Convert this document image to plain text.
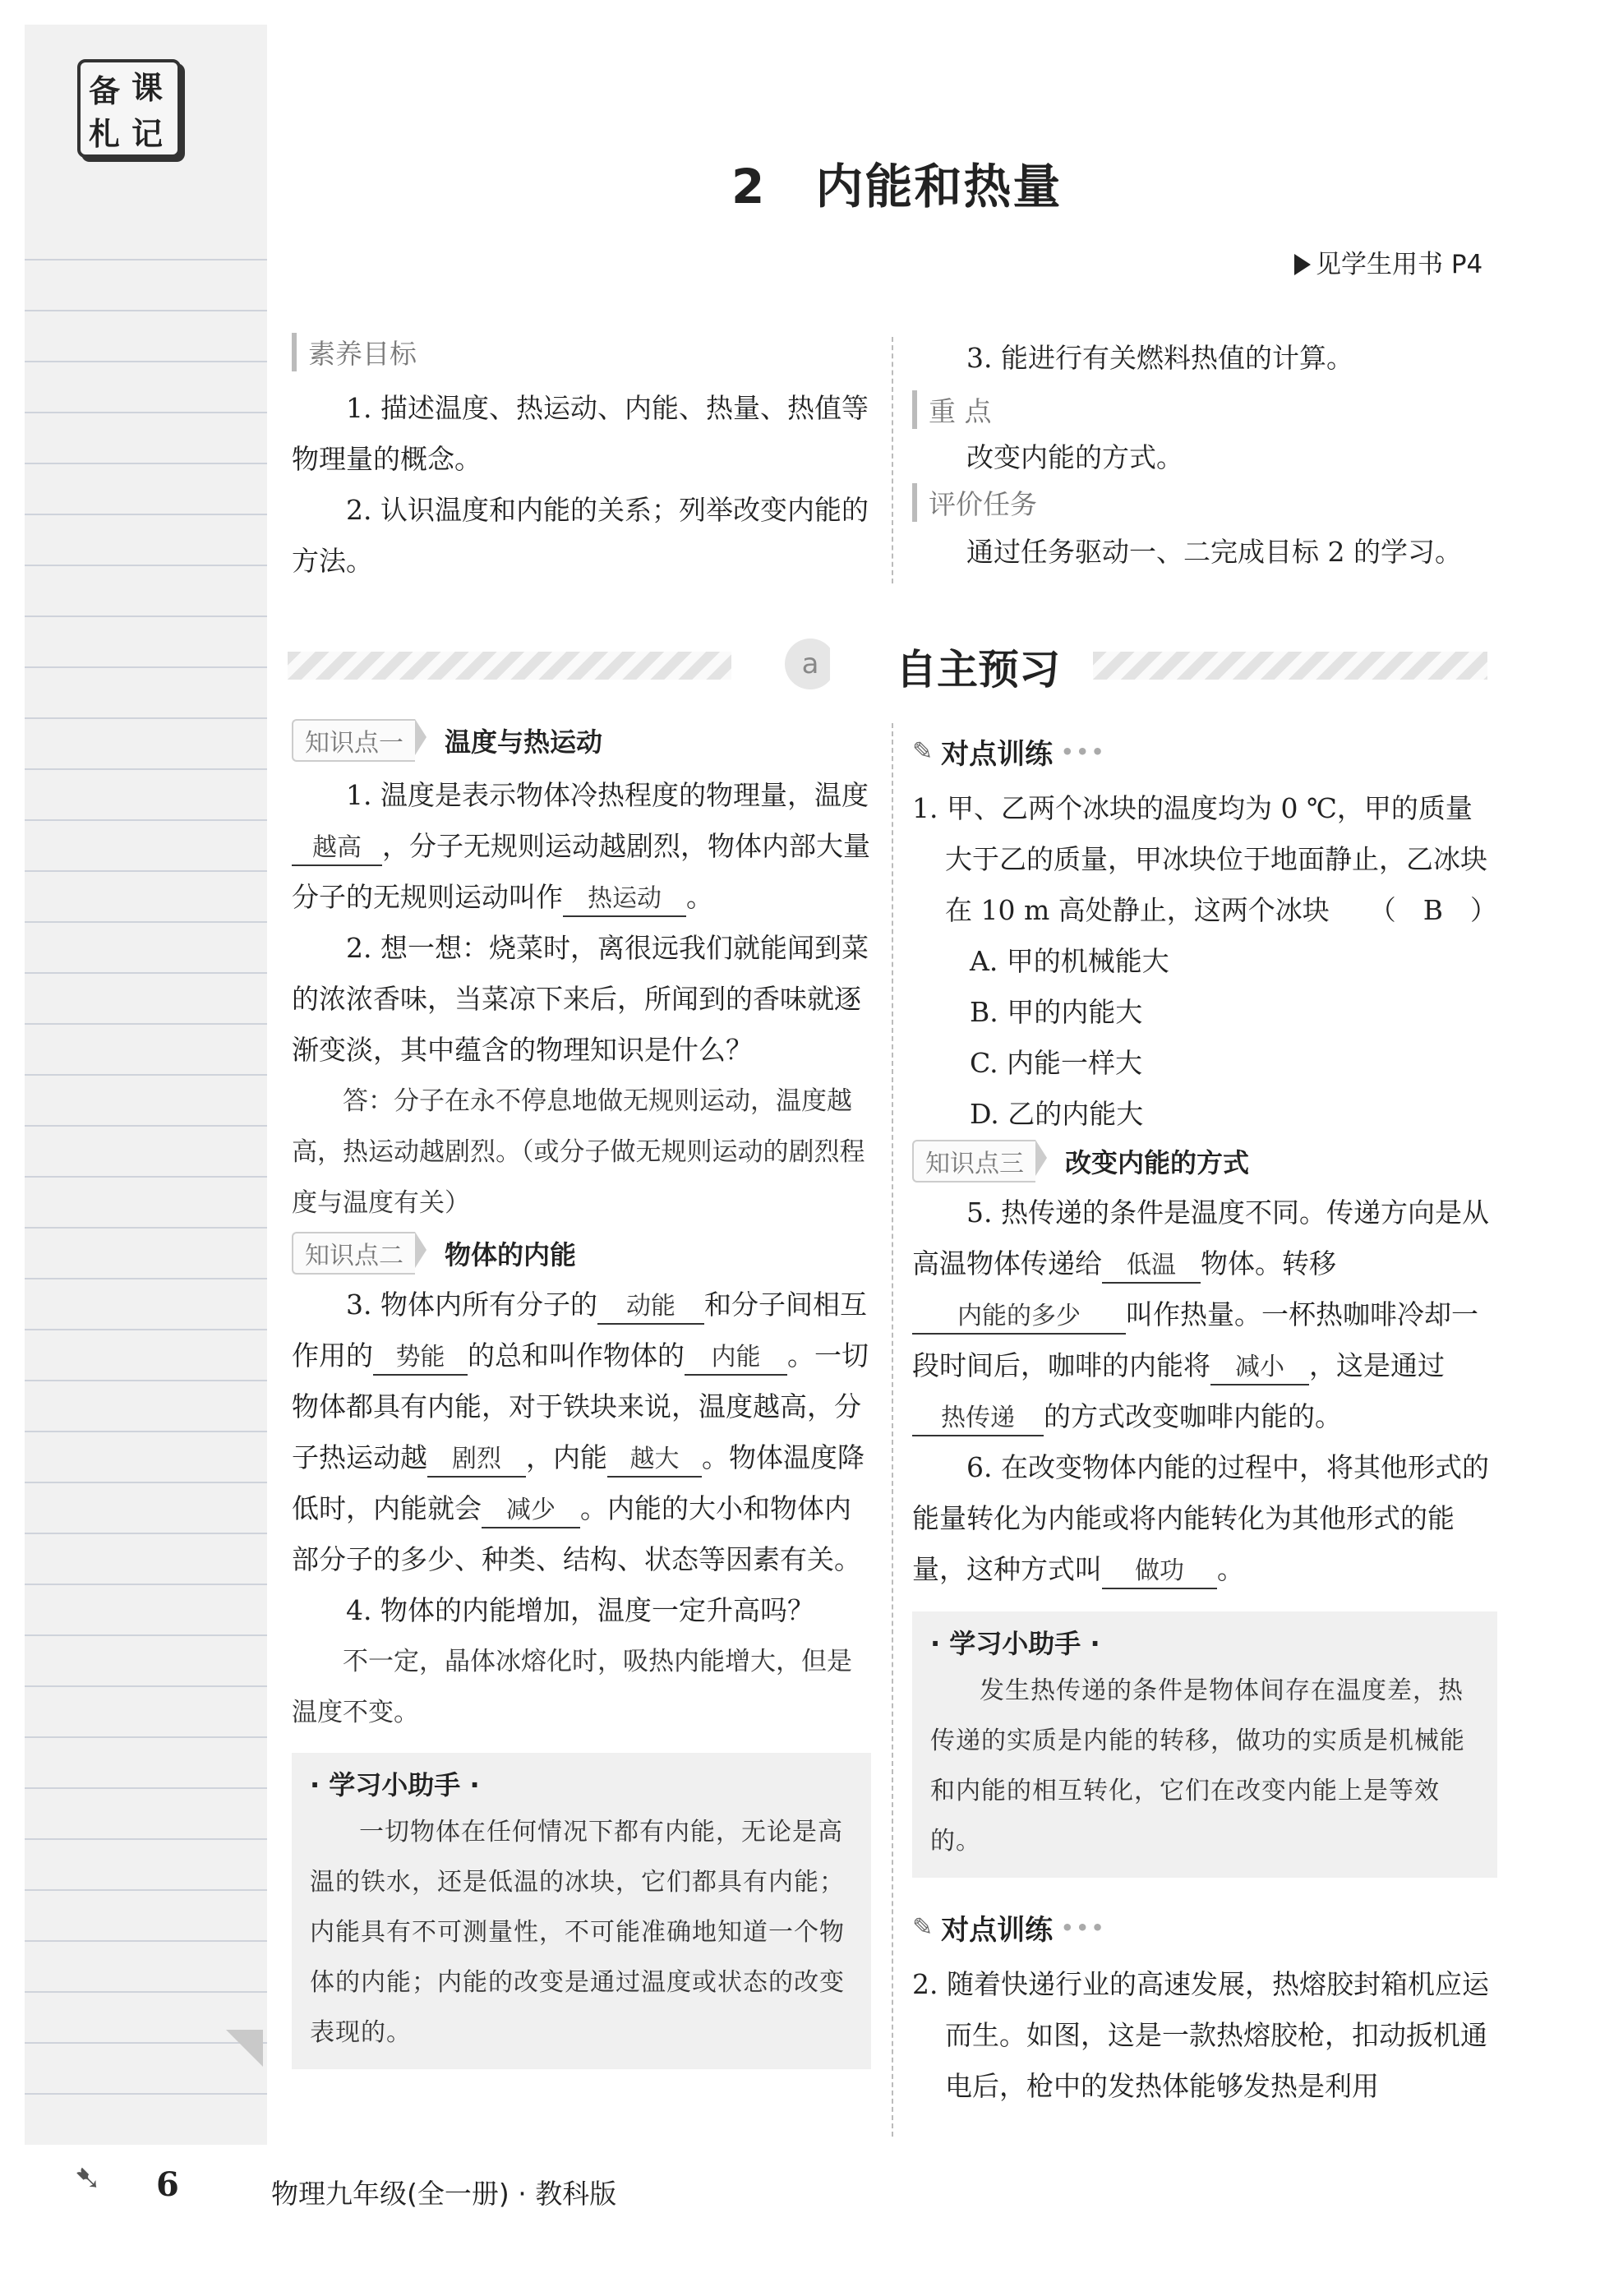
备 课
札 记
2　内能和热量
见学生用书 P4
素养目标

1. 描述温度、热运动、内能、热量、热值等物理量的概念。

2. 认识温度和内能的关系；列举改变内能的方法。

3. 能进行有关燃料热值的计算。

重 点

改变内能的方式。

评价任务

通过任务驱动一、二完成目标 2 的学习。

a	自主预习
知识点一	温度与热运动

1. 温度是表示物体冷热程度的物理量，温度越高 ，分子无规则运动越剧烈，物体内部大量分子的无规则运动叫作 热运动 。

2. 想一想：烧菜时，离很远我们就能闻到菜的浓浓香味，当菜凉下来后，所闻到的香味就逐渐变淡，其中蕴含的物理知识是什么？

答：分子在永不停息地做无规则运动，温度越高，热运动越剧烈。（或分子做无规则运动的剧烈程度与温度有关）

知识点二	物体的内能

3. 物体内所有分子的 动能 和分子间相互作用的 势能 的总和叫作物体的 内能 。一切物体都具有内能，对于铁块来说，温度越高，分子热运动越 剧烈 ，内能 越大 。物体温度降低时，内能就会 减少 。内能的大小和物体内部分子的多少、种类、结构、状态等因素有关。

4. 物体的内能增加，温度一定升高吗？

不一定，晶体冰熔化时，吸热内能增大，但是温度不变。

· 学习小助手 ·

一切物体在任何情况下都有内能，无论是高温的铁水，还是低温的冰块，它们都具有内能；内能具有不可测量性，不可能准确地知道一个物体的内能；内能的改变是通过温度或状态的改变表现的。

✎ 对点训练 •••

1. 甲、乙两个冰块的温度均为 0 ℃，甲的质量大于乙的质量，甲冰块位于地面静止，乙冰块在 10 m 高处静止，这两个冰块 （　B　）

A. 甲的机械能大

B. 甲的内能大

C. 内能一样大

D. 乙的内能大

知识点三	改变内能的方式

5. 热传递的条件是温度不同。传递方向是从高温物体传递给 低温 物体。转移内能的多少 叫作热量。一杯热咖啡冷却一段时间后，咖啡的内能将 减小 ，这是通过热传递 的方式改变咖啡内能的。

6. 在改变物体内能的过程中，将其他形式的能量转化为内能或将内能转化为其他形式的能量，这种方式叫 做功 。

· 学习小助手 ·

发生热传递的条件是物体间存在温度差，热传递的实质是内能的转移，做功的实质是机械能和内能的相互转化，它们在改变内能上是等效的。

✎ 对点训练 •••

2. 随着快递行业的高速发展，热熔胶封箱机应运而生。如图，这是一款热熔胶枪，扣动扳机通电后，枪中的发热体能够发热是利用

➷ 6	物理九年级(全一册) · 教科版
